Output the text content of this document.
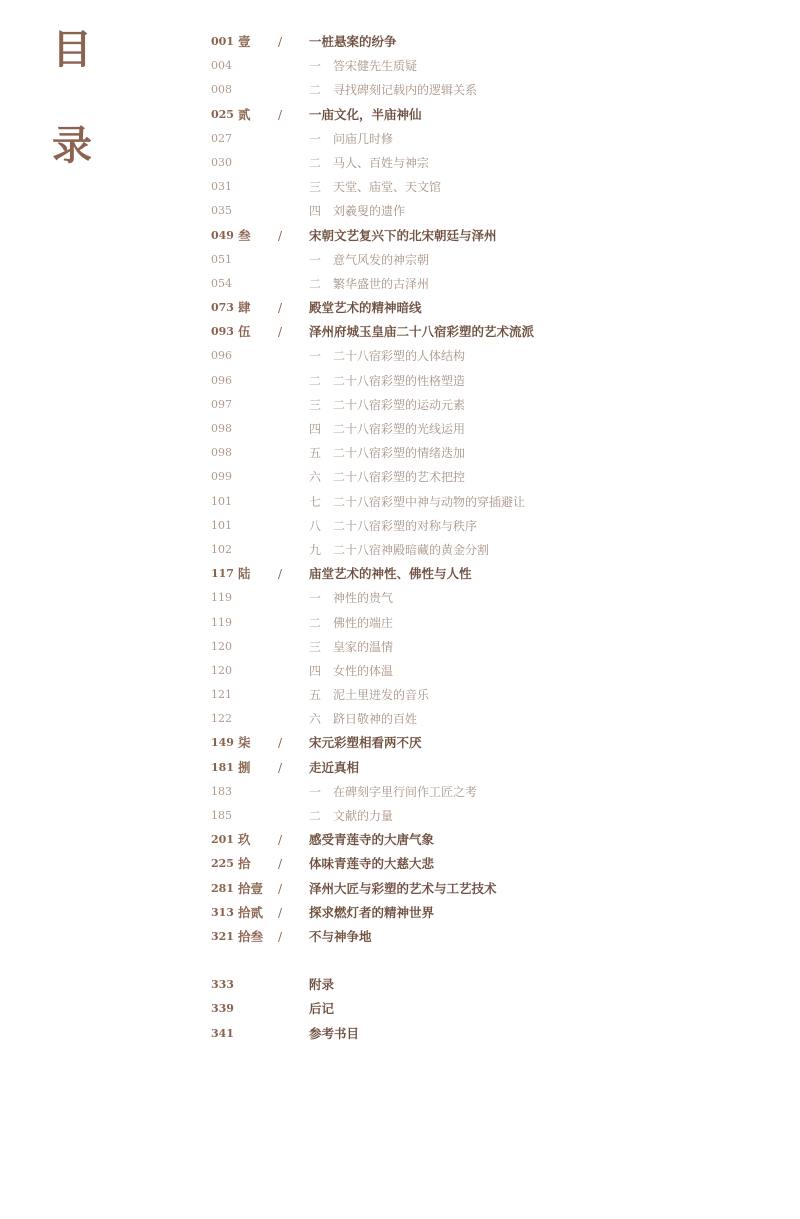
目
录
001 壹 / 一桩悬案的纷争
004	一 答宋健先生质疑
008	二 寻找碑刻记载内的逻辑关系
025 贰 / 一庙文化，半庙神仙
027	一 问庙几时修
030	二 马人、百姓与神宗
031	三 天堂、庙堂、天文馆
035	四 刘羲叟的遗作
049 叁 / 宋朝文艺复兴下的北宋朝廷与泽州
051	一 意气风发的神宗朝
054	二 繁华盛世的古泽州
073 肆 / 殿堂艺术的精神暗线
093 伍 / 泽州府城玉皇庙二十八宿彩塑的艺术流派
096	一 二十八宿彩塑的人体结构
096	二 二十八宿彩塑的性格塑造
097	三 二十八宿彩塑的运动元素
098	四 二十八宿彩塑的光线运用
098	五 二十八宿彩塑的情绪迭加
099	六 二十八宿彩塑的艺术把控
101	七 二十八宿彩塑中神与动物的穿插避让
101	八 二十八宿彩塑的对称与秩序
102	九 二十八宿神殿暗藏的黄金分割
117 陆 / 庙堂艺术的神性、佛性与人性
119	一 神性的贵气
119	二 佛性的端庄
120	三 皇家的温情
120	四 女性的体温
121	五 泥土里迸发的音乐
122	六 跻日敬神的百姓
149 柒 / 宋元彩塑相看两不厌
181 捌 / 走近真相
183	一 在碑刻字里行间作工匠之考
185	二 文献的力量
201 玖 / 感受青莲寺的大唐气象
225 拾 / 体味青莲寺的大慈大悲
281 拾壹 / 泽州大匠与彩塑的艺术与工艺技术
313 拾贰 / 探求燃灯者的精神世界
321 拾叁 / 不与神争地
333	附录
339	后记
341	参考书目
